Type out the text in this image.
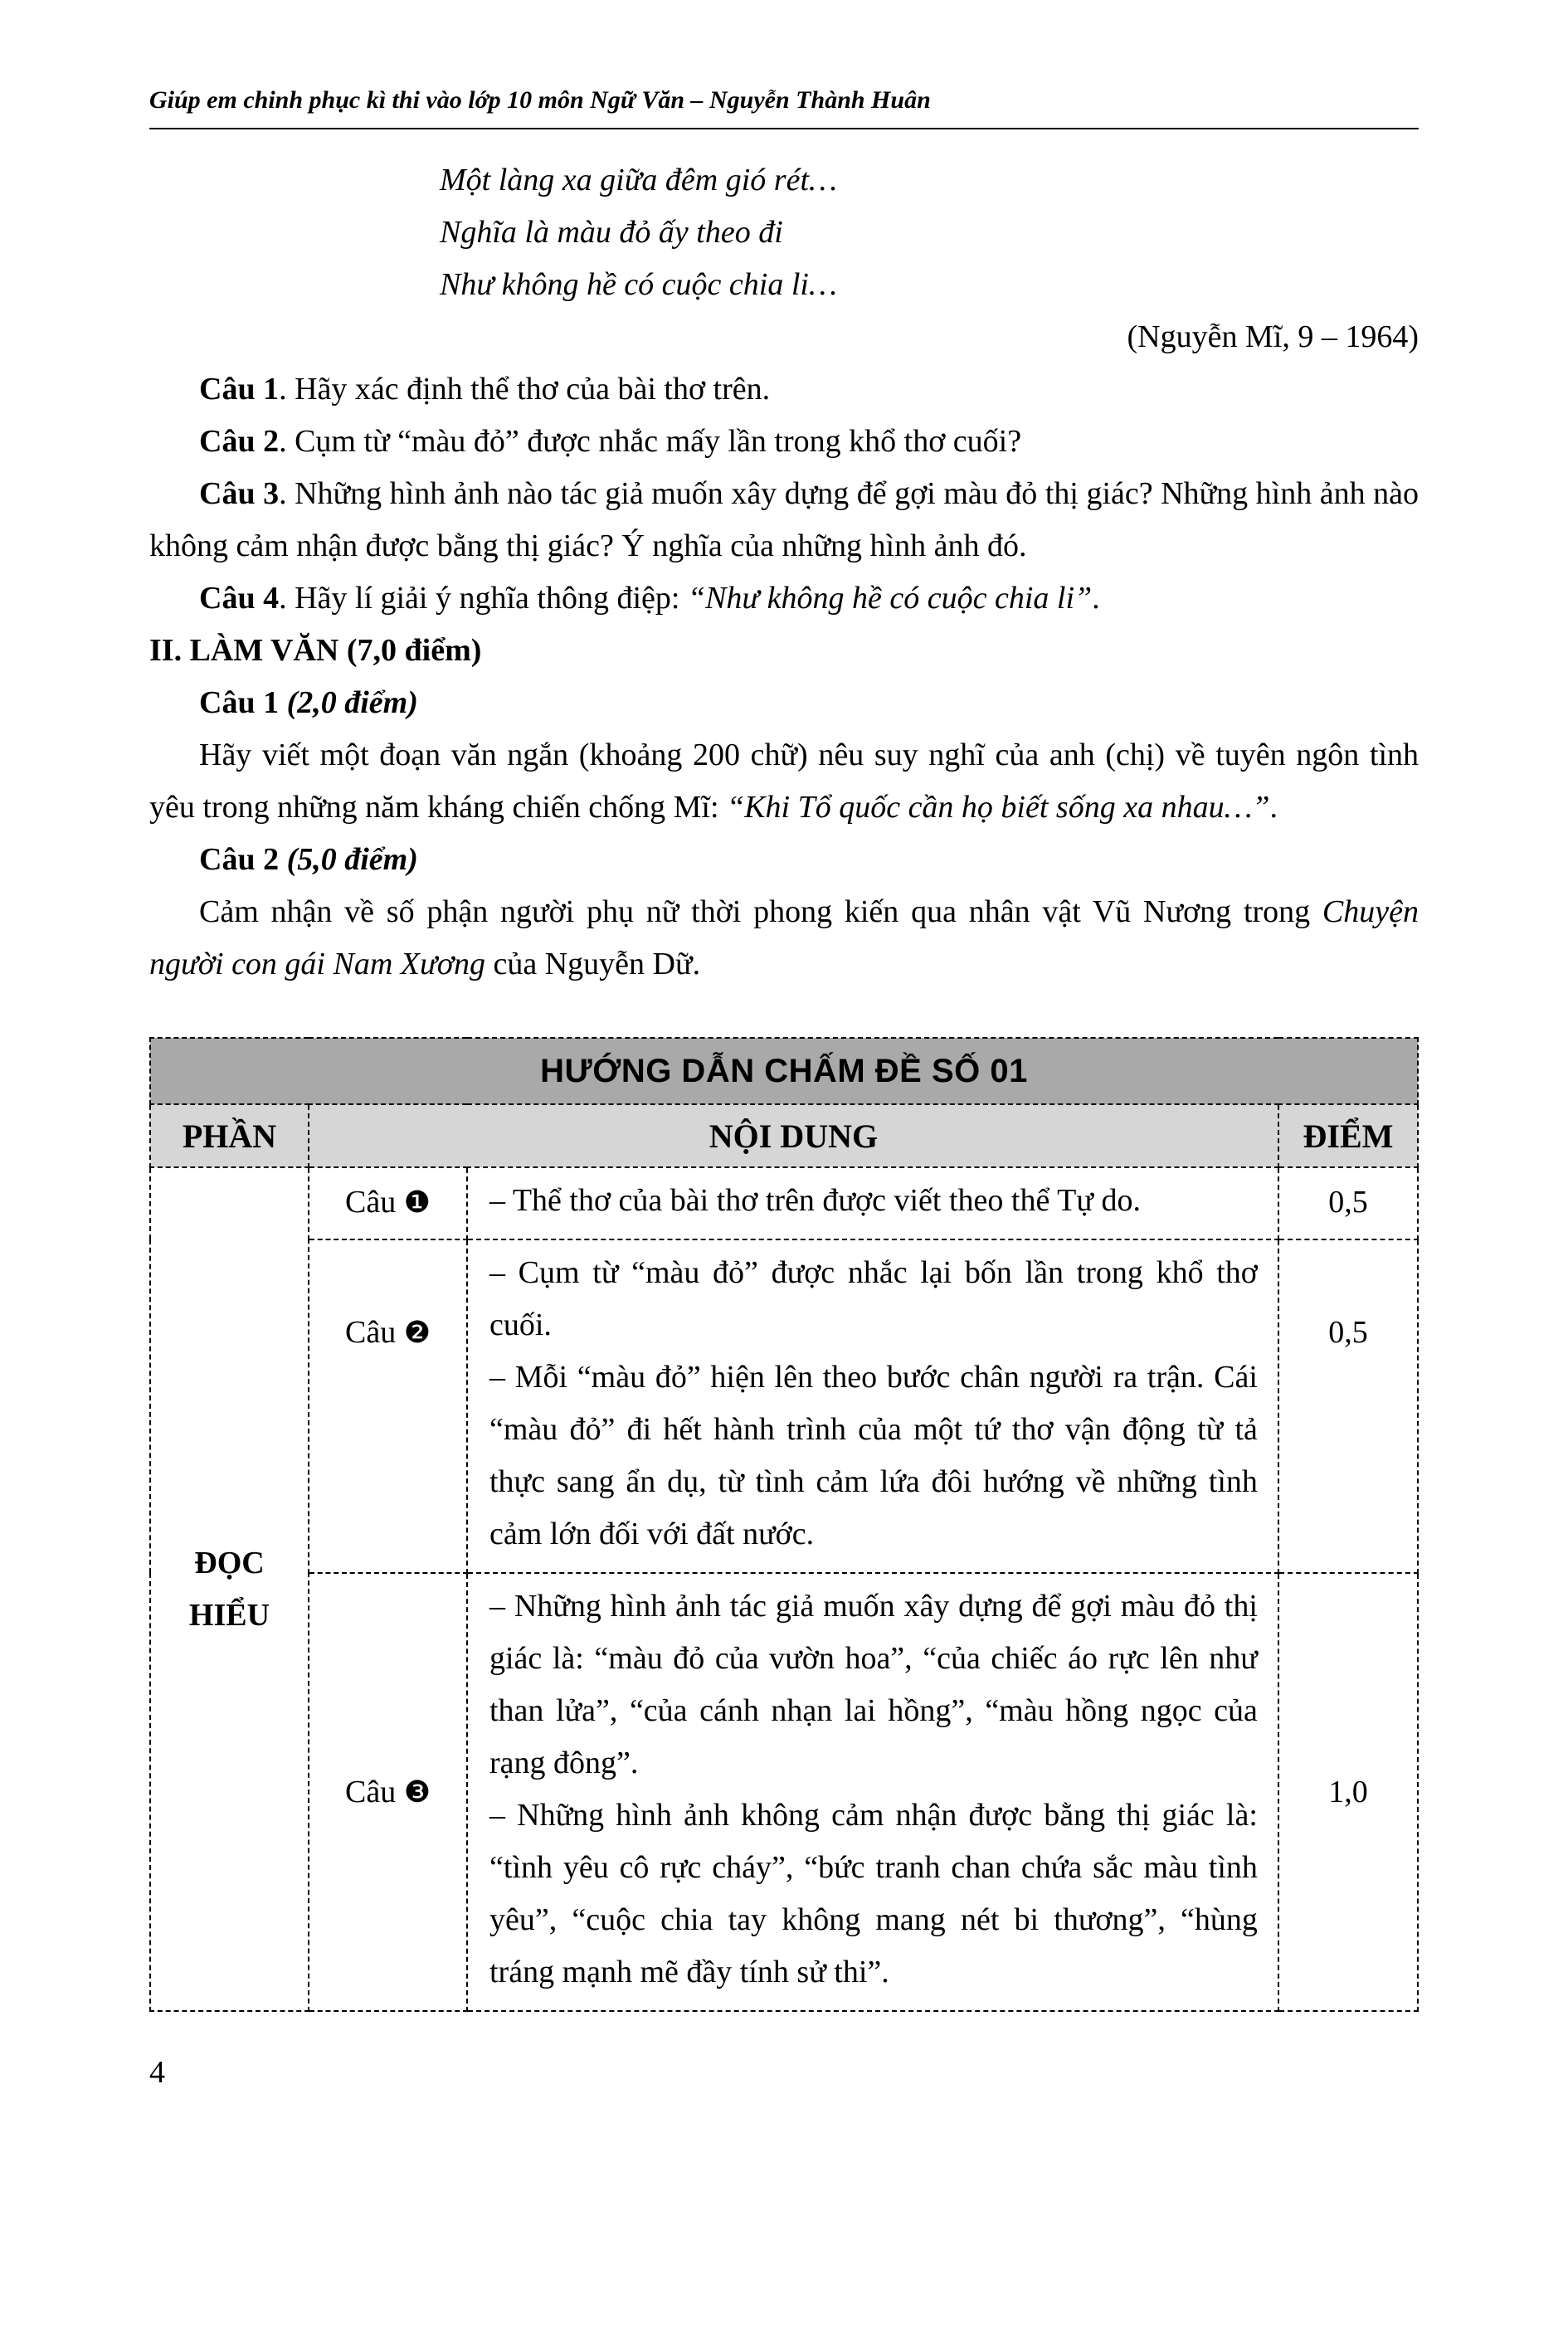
Giúp em chinh phục kì thi vào lớp 10 môn Ngữ Văn – Nguyễn Thành Huân
Một làng xa giữa đêm gió rét…
Nghĩa là màu đỏ ấy theo đi
Như không hề có cuộc chia li…
(Nguyễn Mĩ, 9 – 1964)

Câu 1. Hãy xác định thể thơ của bài thơ trên.

Câu 2. Cụm từ “màu đỏ” được nhắc mấy lần trong khổ thơ cuối?

Câu 3. Những hình ảnh nào tác giả muốn xây dựng để gợi màu đỏ thị giác? Những hình ảnh nào không cảm nhận được bằng thị giác? Ý nghĩa của những hình ảnh đó.

Câu 4. Hãy lí giải ý nghĩa thông điệp: “Như không hề có cuộc chia li”.

II. LÀM VĂN (7,0 điểm)

Câu 1 (2,0 điểm)

Hãy viết một đoạn văn ngắn (khoảng 200 chữ) nêu suy nghĩ của anh (chị) về tuyên ngôn tình yêu trong những năm kháng chiến chống Mĩ: “Khi Tổ quốc cần họ biết sống xa nhau…”.

Câu 2 (5,0 điểm)

Cảm nhận về số phận người phụ nữ thời phong kiến qua nhân vật Vũ Nương trong Chuyện người con gái Nam Xương của Nguyễn Dữ.

HƯỚNG DẪN CHẤM ĐỀ SỐ 01			
PHẦN	NỘI DUNG		ĐIỂM
ĐỌC HIỂU	Câu ❶	– Thể thơ của bài thơ trên được viết theo thể Tự do.	0,5
	Câu ❷	– Cụm từ “màu đỏ” được nhắc lại bốn lần trong khổ thơ cuối.

– Mỗi “màu đỏ” hiện lên theo bước chân người ra trận. Cái “màu đỏ” đi hết hành trình của một tứ thơ vận động từ tả thực sang ẩn dụ, từ tình cảm lứa đôi hướng về những tình cảm lớn đối với đất nước.	0,5
	Câu ❸	– Những hình ảnh tác giả muốn xây dựng để gợi màu đỏ thị giác là: “màu đỏ của vườn hoa”, “của chiếc áo rực lên như than lửa”, “của cánh nhạn lai hồng”, “màu hồng ngọc của rạng đông”.

– Những hình ảnh không cảm nhận được bằng thị giác là: “tình yêu cô rực cháy”, “bức tranh chan chứa sắc màu tình yêu”, “cuộc chia tay không mang nét bi thương”, “hùng tráng mạnh mẽ đầy tính sử thi”.	1,0
4
